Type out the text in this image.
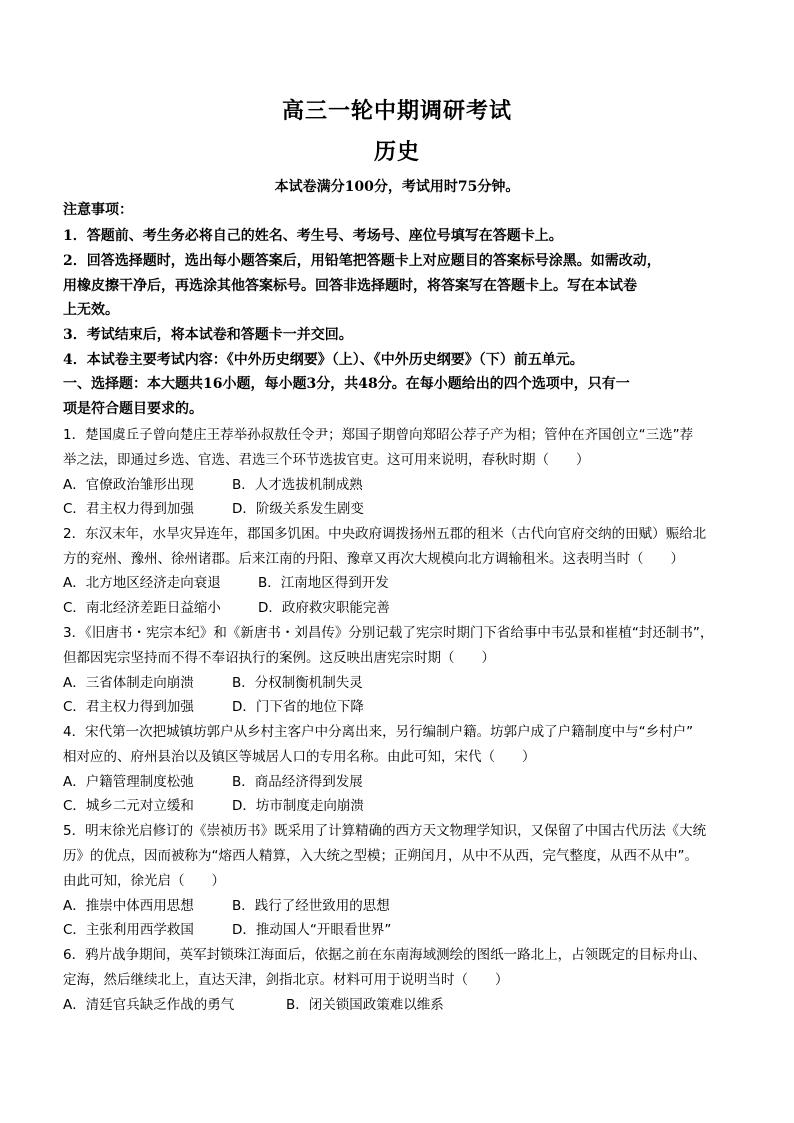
高三一轮中期调研考试
历史
本试卷满分100分，考试用时75分钟。
注意事项：
1．答题前、考生务必将自己的姓名、考生号、考场号、座位号填写在答题卡上。
2．回答选择题时，选出每小题答案后，用铅笔把答题卡上对应题目的答案标号涂黑。如需改动，
用橡皮擦干净后，再选涂其他答案标号。回答非选择题时，将答案写在答题卡上。写在本试卷
上无效。
3．考试结束后，将本试卷和答题卡一并交回。
4．本试卷主要考试内容：《中外历史纲要》（上）、《中外历史纲要》（下）前五单元。
一、选择题：本大题共16小题，每小题3分，共48分。在每小题给出的四个选项中，只有一
项是符合题目要求的。
1．楚国虞丘子曾向楚庄王荐举孙叔敖任令尹；郑国子期曾向郑昭公荐子产为相；管仲在齐国创立“三选”荐
举之法，即通过乡选、官选、君选三个环节选拔官吏。这可用来说明，春秋时期（　　）
A．官僚政治雏形出现	B．人才选拔机制成熟
C．君主权力得到加强	D．阶级关系发生剧变
2．东汉末年，水旱灾异连年，郡国多饥困。中央政府调拨扬州五郡的租米（古代向官府交纳的田赋）赈给北
方的兖州、豫州、徐州诸郡。后来江南的丹阳、豫章又再次大规模向北方调输租米。这表明当时（　　）
A．北方地区经济走向衰退	B．江南地区得到开发
C．南北经济差距日益缩小	D．政府救灾职能完善
3．《旧唐书・宪宗本纪》和《新唐书・刘昌传》分别记载了宪宗时期门下省给事中韦弘景和崔植“封还制书”，
但都因宪宗坚持而不得不奉诏执行的案例。这反映出唐宪宗时期（　　）
A．三省体制走向崩溃	B．分权制衡机制失灵
C．君主权力得到加强	D．门下省的地位下降
4．宋代第一次把城镇坊郭户从乡村主客户中分离出来，另行编制户籍。坊郭户成了户籍制度中与“乡村户”
相对应的、府州县治以及镇区等城居人口的专用名称。由此可知，宋代（　　）
A．户籍管理制度松弛	B．商品经济得到发展
C．城乡二元对立缓和	D．坊市制度走向崩溃
5．明末徐光启修订的《崇祯历书》既采用了计算精确的西方天文物理学知识，又保留了中国古代历法《大统
历》的优点，因而被称为“熔西人精算，入大统之型模；正朔闰月，从中不从西，完气整度，从西不从中”。
由此可知，徐光启（　　）
A．推崇中体西用思想	B．践行了经世致用的思想
C．主张利用西学救国	D．推动国人“开眼看世界”
6．鸦片战争期间，英军封锁珠江海面后，依据之前在东南海域测绘的图纸一路北上，占领既定的目标舟山、
定海，然后继续北上，直达天津，剑指北京。材料可用于说明当时（　　）
A．清廷官兵缺乏作战的勇气	B．闭关锁国政策难以维系
